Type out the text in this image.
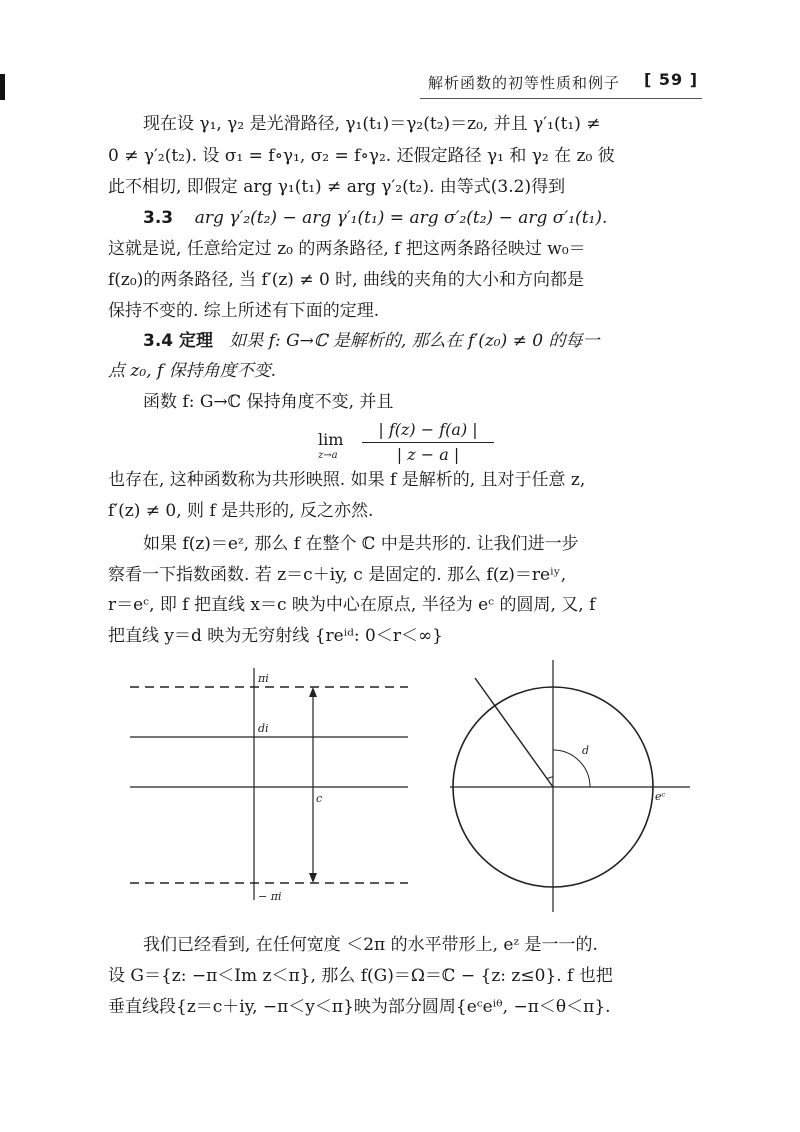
解析函数的初等性质和例子 [ 59 ]
现在设 γ₁, γ₂ 是光滑路径, γ₁(t₁)＝γ₂(t₂)＝z₀, 并且 γ′₁(t₁) ≠
0 ≠ γ′₂(t₂). 设 σ₁ = f∘γ₁, σ₂ = f∘γ₂. 还假定路径 γ₁ 和 γ₂ 在 z₀ 彼
此不相切, 即假定 arg γ₁(t₁) ≠ arg γ′₂(t₂). 由等式(3.2)得到
3.3 arg γ′₂(t₂) − arg γ′₁(t₁) = arg σ′₂(t₂) − arg σ′₁(t₁).
这就是说, 任意给定过 z₀ 的两条路径, f 把这两条路径映过 w₀＝
f(z₀)的两条路径, 当 f′(z) ≠ 0 时, 曲线的夹角的大小和方向都是
保持不变的. 综上所述有下面的定理.
3.4 定理 如果 f: G→ℂ 是解析的, 那么在 f′(z₀) ≠ 0 的每一
点 z₀, f 保持角度不变.
函数 f: G→ℂ 保持角度不变, 并且
lim
z→a
| f(z) − f(a) |
| z − a |
也存在, 这种函数称为共形映照. 如果 f 是解析的, 且对于任意 z,
f′(z) ≠ 0, 则 f 是共形的, 反之亦然.
如果 f(z)＝eᶻ, 那么 f 在整个 ℂ 中是共形的. 让我们进一步
察看一下指数函数. 若 z＝c＋iy, c 是固定的. 那么 f(z)＝reⁱʸ,
r＝eᶜ, 即 f 把直线 x＝c 映为中心在原点, 半径为 eᶜ 的圆周, 又, f
把直线 y＝d 映为无穷射线 {reⁱᵈ: 0＜r＜∞}
πi
di
c
− πi
d
eᶜ
我们已经看到, 在任何宽度 ＜2π 的水平带形上, eᶻ 是一一的.
设 G＝{z: −π＜Im z＜π}, 那么 f(G)＝Ω＝ℂ − {z: z≤0}. f 也把
垂直线段{z＝c＋iy, −π＜y＜π}映为部分圆周{eᶜeⁱᶿ, −π＜θ＜π}.
